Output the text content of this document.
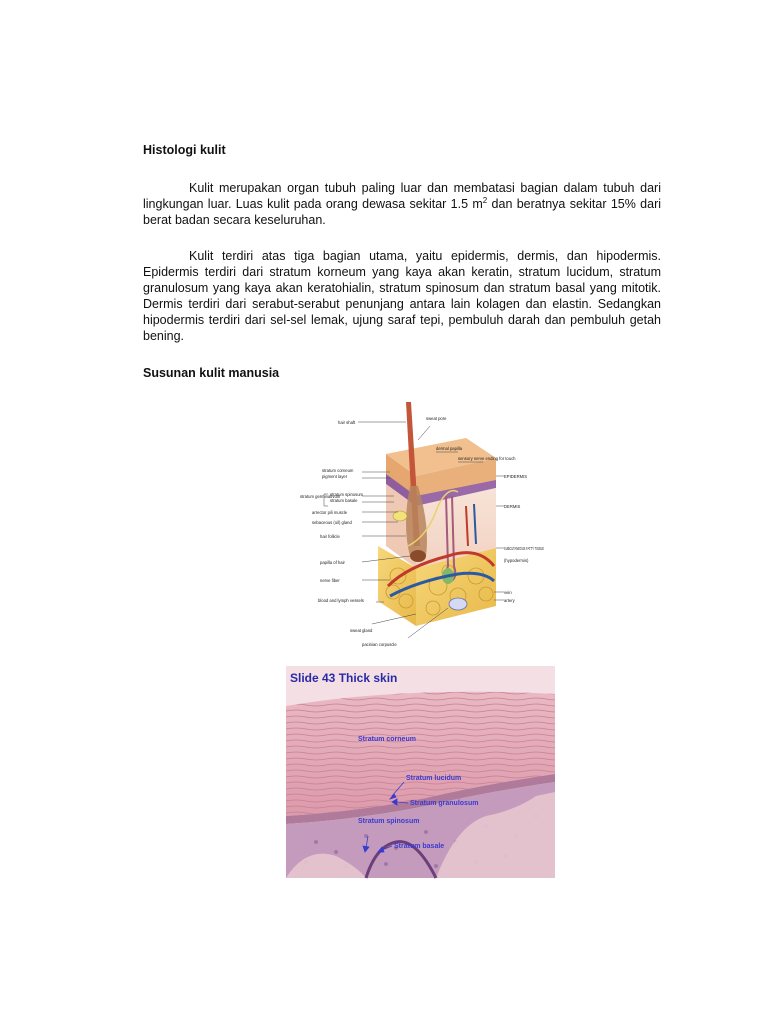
Histologi kulit

Kulit merupakan organ tubuh paling luar dan membatasi bagian dalam tubuh dari lingkungan luar. Luas kulit pada orang dewasa sekitar 1.5 $m^2$ dan beratnya sekitar 15% dari berat badan secara keseluruhan.

Kulit terdiri atas tiga bagian utama, yaitu epidermis, dermis, dan hipodermis. Epidermis terdiri dari stratum korneum yang kaya akan keratin, stratum lucidum, stratum granulosum yang kaya akan keratohialin, stratum spinosum dan stratum basal yang mitotik. Dermis terdiri dari serabut-serabut penunjang antara lain kolagen dan elastin. Sedangkan hipodermis terdiri dari sel-sel lemak, ujung saraf tepi, pembuluh darah dan pembuluh getah bening.

Susunan kulit manusia

hair shaft
sweat pore
dermal papilla
sensory nerve ending for touch
stratum corneum
pigment layer
stratum germinativum
stratum spinosum
stratum basale
arrector pili muscle
sebaceous (oil) gland
hair follicle
papilla of hair
nerve fiber
blood and lymph vessels
sweat gland
pacinian corpuscle
EPIDERMIS
DERMIS
SUBCUTANEOUS FATTY TISSUE
(hypodermis)
vein
artery
Slide 43 Thick skin
Stratum corneum
Stratum lucidum
Stratum granulosum
Stratum spinosum
Stratum basale
